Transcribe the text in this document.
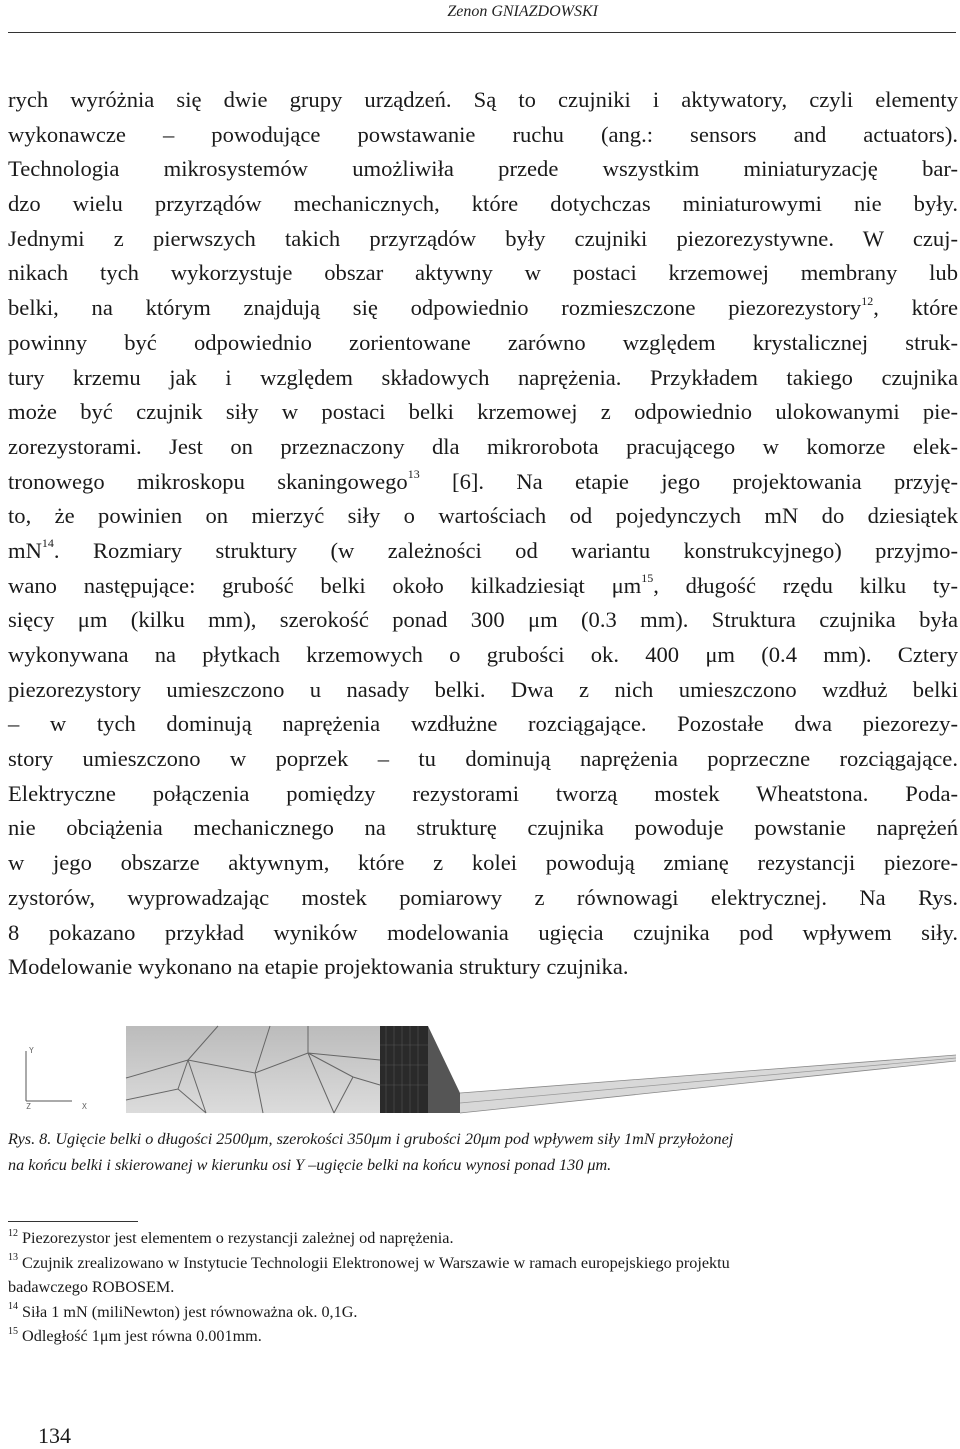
Zenon GNIAZDOWSKI
rych wyróżnia się dwie grupy urządzeń. Są to czujniki i aktywatory, czyli elementy
wykonawcze – powodujące powstawanie ruchu (ang.: sensors and actuators).
Technologia mikrosystemów umożliwiła przede wszystkim miniaturyzację bar-
dzo wielu przyrządów mechanicznych, które dotychczas miniaturowymi nie były.
Jednymi z pierwszych takich przyrządów były czujniki piezorezystywne. W czuj-
nikach tych wykorzystuje obszar aktywny w postaci krzemowej membrany lub
belki, na którym znajdują się odpowiednio rozmieszczone piezorezystory$^{12}$, które
powinny być odpowiednio zorientowane zarówno względem krystalicznej struk-
tury krzemu jak i względem składowych naprężenia. Przykładem takiego czujnika
może być czujnik siły w postaci belki krzemowej z odpowiednio ulokowanymi pie-
zorezystorami. Jest on przeznaczony dla mikrorobota pracującego w komorze elek-
tronowego mikroskopu skaningowego$^{13}$ [6]. Na etapie jego projektowania przyję-
to, że powinien on mierzyć siły o wartościach od pojedynczych mN do dziesiątek
$mN^{14}$. Rozmiary struktury (w zależności od wariantu konstrukcyjnego) przyjmo-
wano następujące: grubość belki około kilkadziesiąt $\mu m^{15}$, długość rzędu kilku ty-
sięcy μm (kilku mm), szerokość ponad 300 μm (0.3 mm). Struktura czujnika była
wykonywana na płytkach krzemowych o grubości ok. 400 μm (0.4 mm). Cztery
piezorezystory umieszczono u nasady belki. Dwa z nich umieszczono wzdłuż belki
– w tych dominują naprężenia wzdłużne rozciągające. Pozostałe dwa piezorezy-
story umieszczono w poprzek – tu dominują naprężenia poprzeczne rozciągające.
Elektryczne połączenia pomiędzy rezystorami tworzą mostek Wheatstona. Poda-
nie obciążenia mechanicznego na strukturę czujnika powoduje powstanie naprężeń
w jego obszarze aktywnym, które z kolei powodują zmianę rezystancji piezore-
zystorów, wyprowadzając mostek pomiarowy z równowagi elektrycznej. Na Rys.
8 pokazano przykład wyników modelowania ugięcia czujnika pod wpływem siły.
Modelowanie wykonano na etapie projektowania struktury czujnika.
Y
Z	X
Rys. 8. Ugięcie belki o długości 2500μm, szerokości 350μm i grubości 20μm pod wpływem siły 1mN przyłożonej
na końcu belki i skierowanej w kierunku osi Y –ugięcie belki na końcu wynosi ponad 130 μm.
$^{12}$ Piezorezystor jest elementem o rezystancji zależnej od naprężenia.
$^{13}$ Czujnik zrealizowano w Instytucie Technologii Elektronowej w Warszawie w ramach europejskiego projektu
badawczego ROBOSEM.
$^{14}$ Siła 1 mN (miliNewton) jest równoważna ok. 0,1G.
$^{15}$ Odległość 1μm jest równa 0.001mm.
134
